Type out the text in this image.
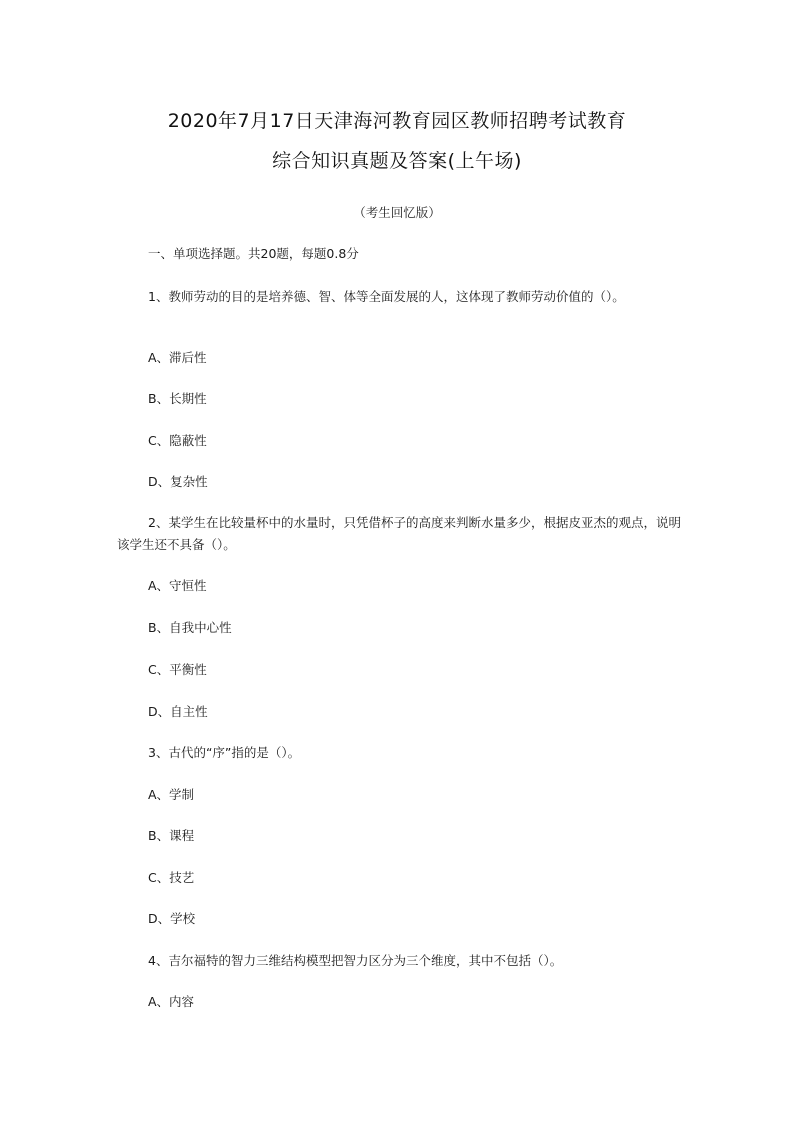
2020年7月17日天津海河教育园区教师招聘考试教育
综合知识真题及答案(上午场)
（考生回忆版）
一、单项选择题。共20题，每题0.8分
1、教师劳动的目的是培养德、智、体等全面发展的人，这体现了教师劳动价值的（）。
A、滞后性
B、长期性
C、隐蔽性
D、复杂性
2、某学生在比较量杯中的水量时，只凭借杯子的高度来判断水量多少，根据皮亚杰的观点，说明该学生还不具备（）。
A、守恒性
B、自我中心性
C、平衡性
D、自主性
3、古代的“序”指的是（）。
A、学制
B、课程
C、技艺
D、学校
4、吉尔福特的智力三维结构模型把智力区分为三个维度，其中不包括（）。
A、内容
